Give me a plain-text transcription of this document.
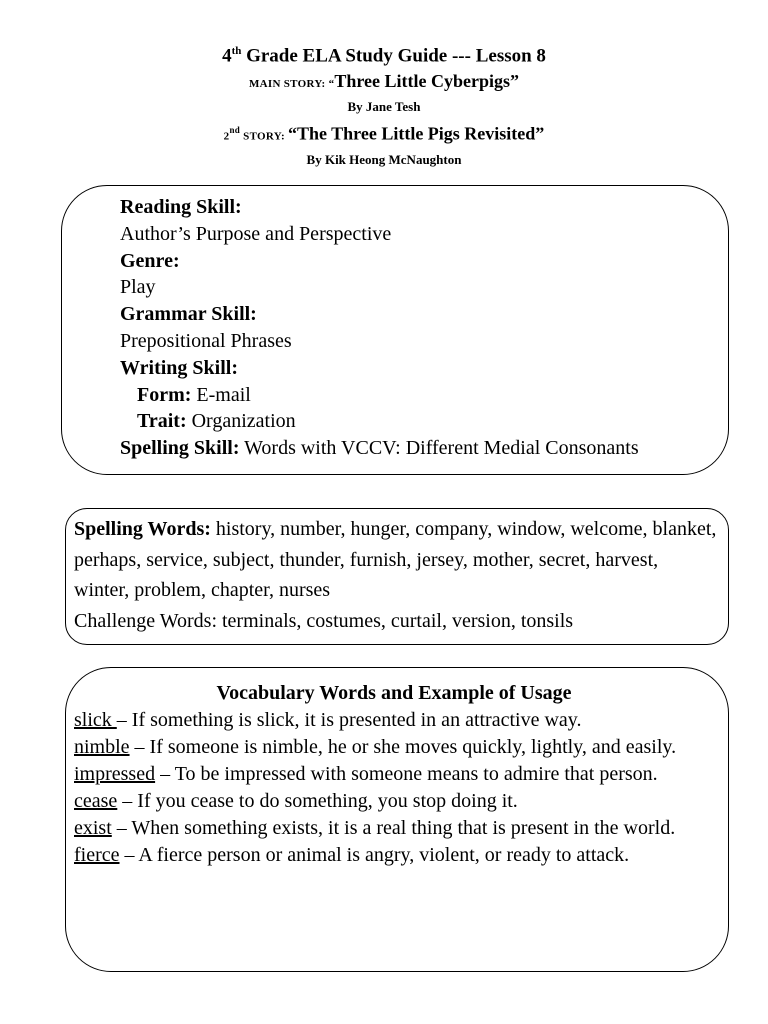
4th Grade ELA Study Guide --- Lesson 8
MAIN STORY: “Three Little Cyberpigs”
By Jane Tesh
2nd STORY: “The Three Little Pigs Revisited”
By Kik Heong McNaughton
Reading Skill:
Author’s Purpose and Perspective
Genre:
Play
Grammar Skill:
Prepositional Phrases
Writing Skill:
Form: E-mail
Trait: Organization
Spelling Skill: Words with VCCV: Different Medial Consonants
Spelling Words: history, number, hunger, company, window, welcome, blanket, perhaps, service, subject, thunder, furnish, jersey, mother, secret, harvest, winter, problem, chapter, nurses
Challenge Words: terminals, costumes, curtail, version, tonsils
Vocabulary Words and Example of Usage
slick – If something is slick, it is presented in an attractive way.
nimble – If someone is nimble, he or she moves quickly, lightly, and easily.
impressed – To be impressed with someone means to admire that person.
cease – If you cease to do something, you stop doing it.
exist – When something exists, it is a real thing that is present in the world.
fierce – A fierce person or animal is angry, violent, or ready to attack.
